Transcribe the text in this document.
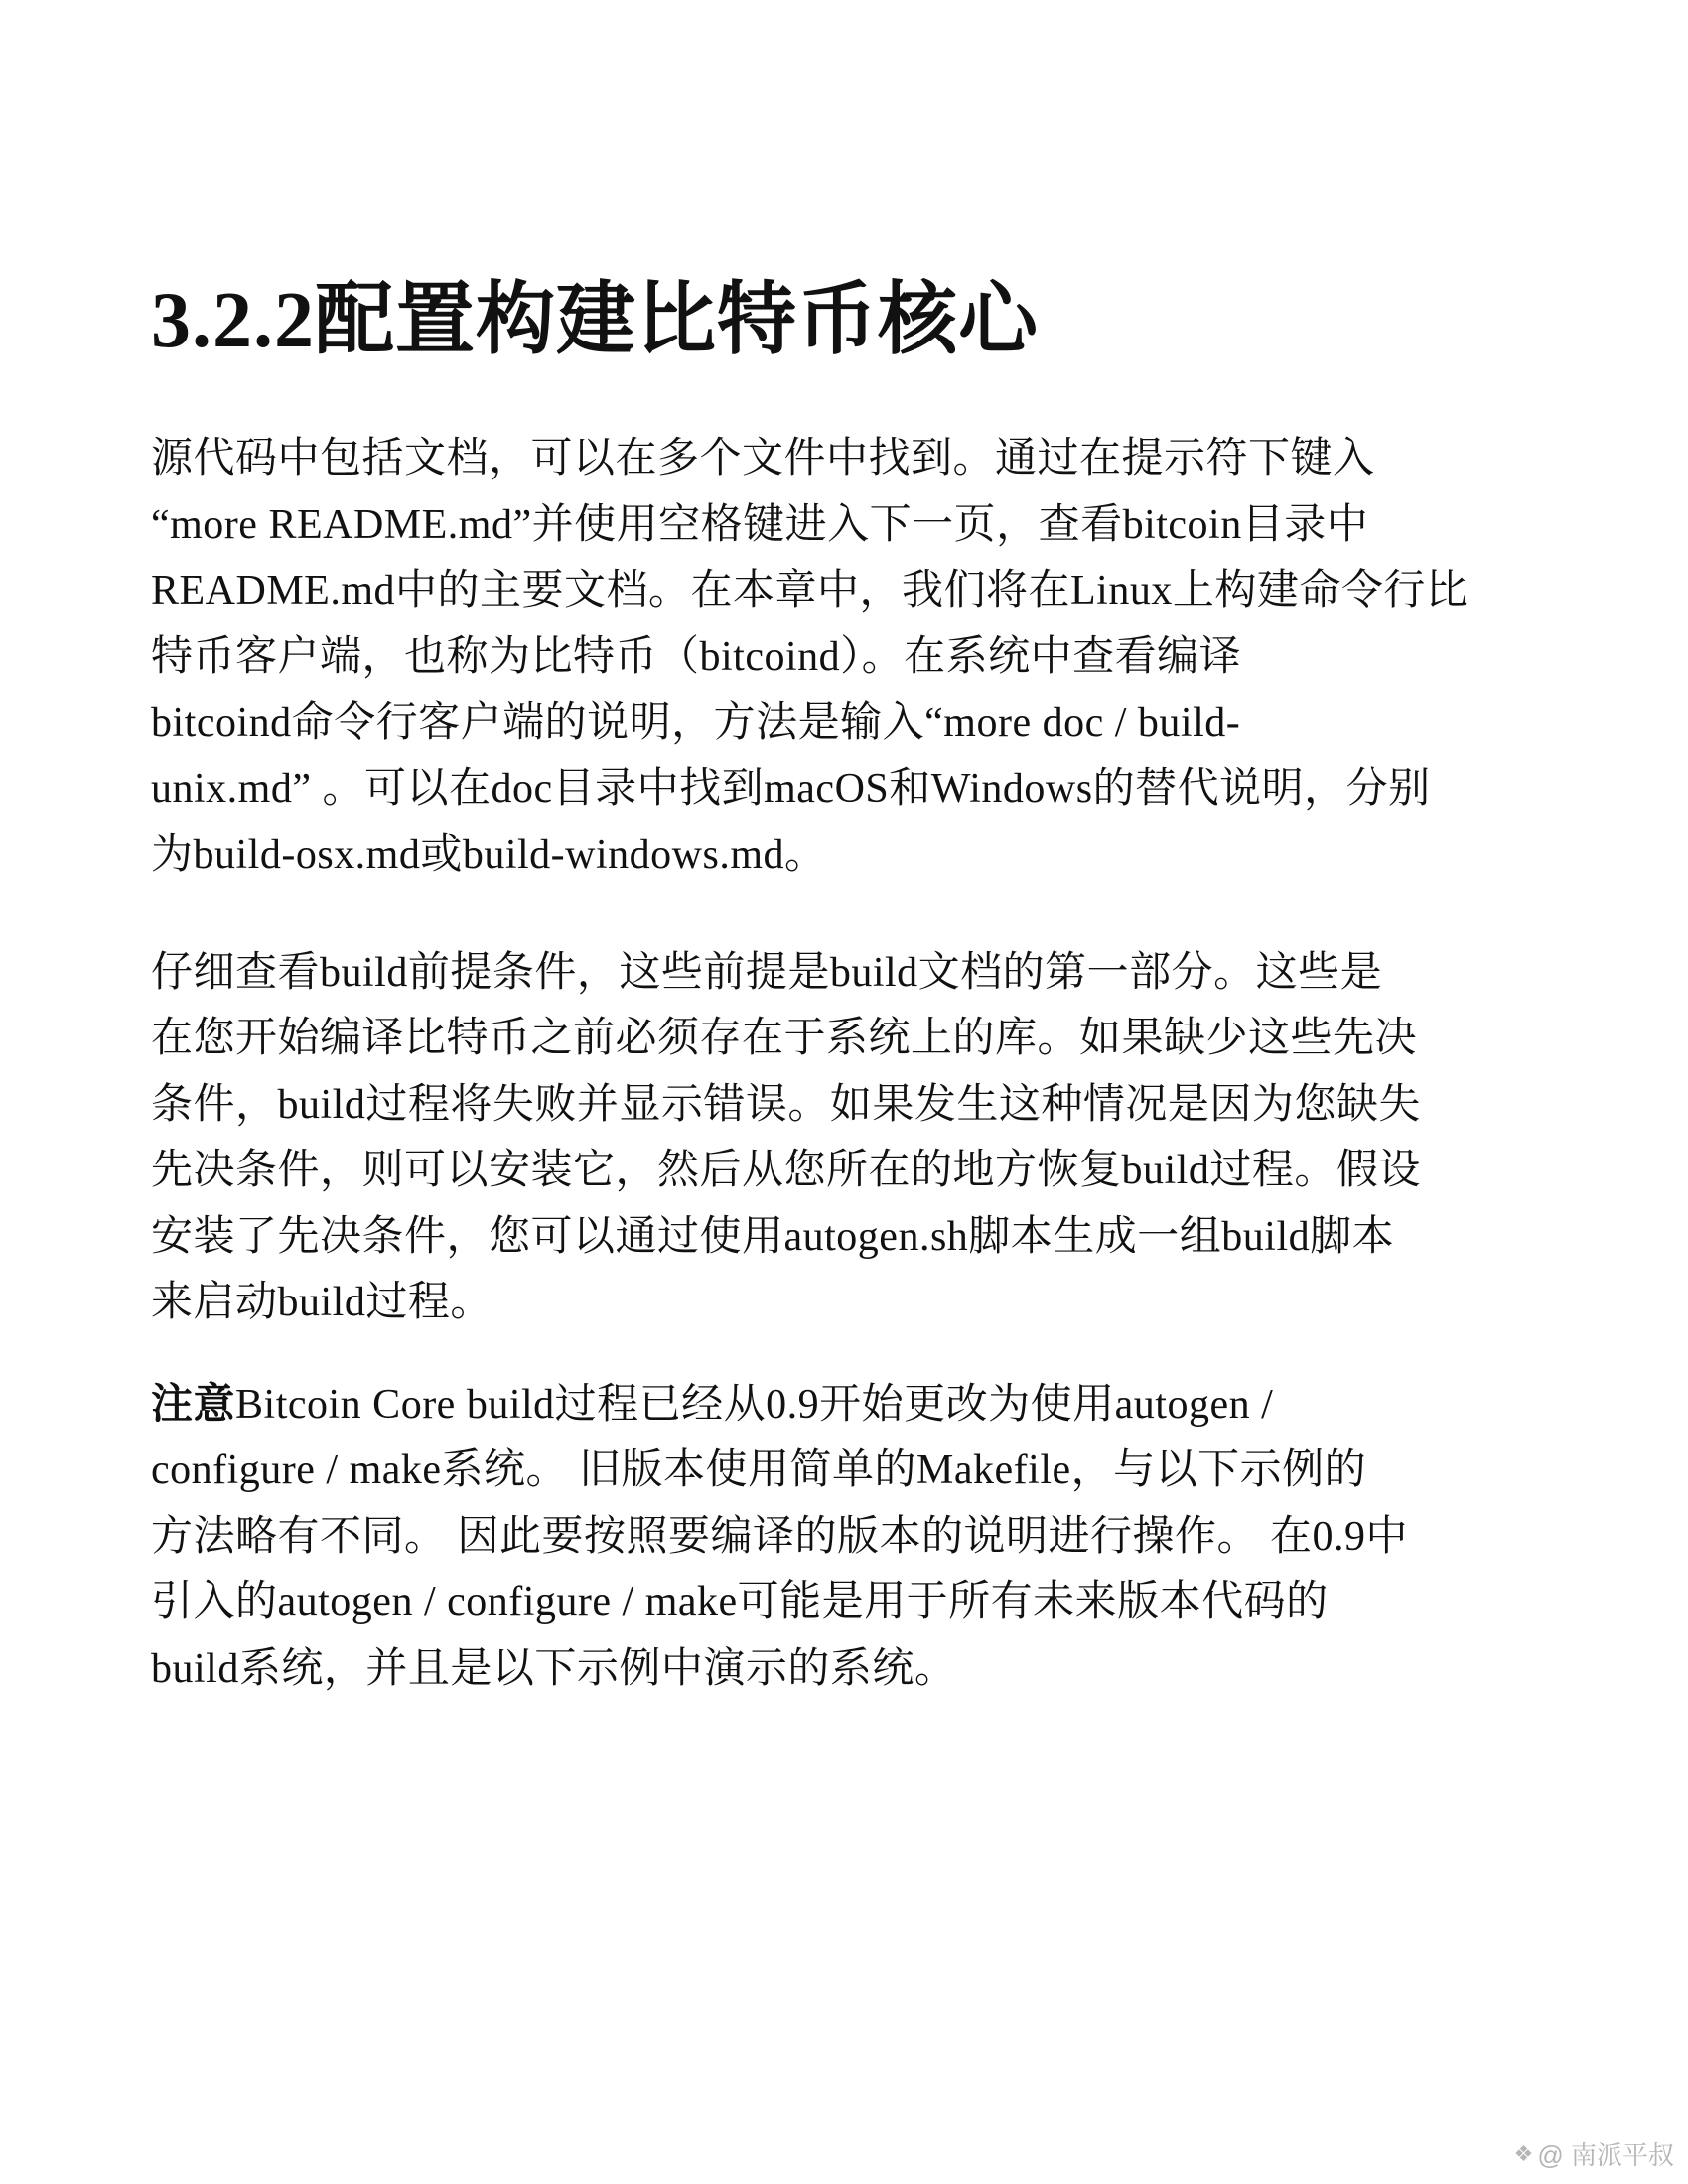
3.2.2配置构建比特币核心
源代码中包括文档，可以在多个文件中找到。通过在提示符下键入
“more README.md”并使用空格键进入下一页，查看bitcoin目录中
README.md中的主要文档。在本章中，我们将在Linux上构建命令行比
特币客户端，也称为比特币（bitcoind）。在系统中查看编译
bitcoind命令行客户端的说明，方法是输入“more doc / build-
unix.md” 。可以在doc目录中找到macOS和Windows的替代说明，分别
为build-osx.md或build-windows.md。
仔细查看build前提条件，这些前提是build文档的第一部分。这些是
在您开始编译比特币之前必须存在于系统上的库。如果缺少这些先决
条件，build过程将失败并显示错误。如果发生这种情况是因为您缺失
先决条件，则可以安装它，然后从您所在的地方恢复build过程。假设
安装了先决条件，您可以通过使用autogen.sh脚本生成一组build脚本
来启动build过程。
注意Bitcoin Core build过程已经从0.9开始更改为使用autogen /
configure / make系统。 旧版本使用简单的Makefile，与以下示例的
方法略有不同。 因此要按照要编译的版本的说明进行操作。 在0.9中
引入的autogen / configure / make可能是用于所有未来版本代码的
build系统，并且是以下示例中演示的系统。
❖ @ 南派平叔
